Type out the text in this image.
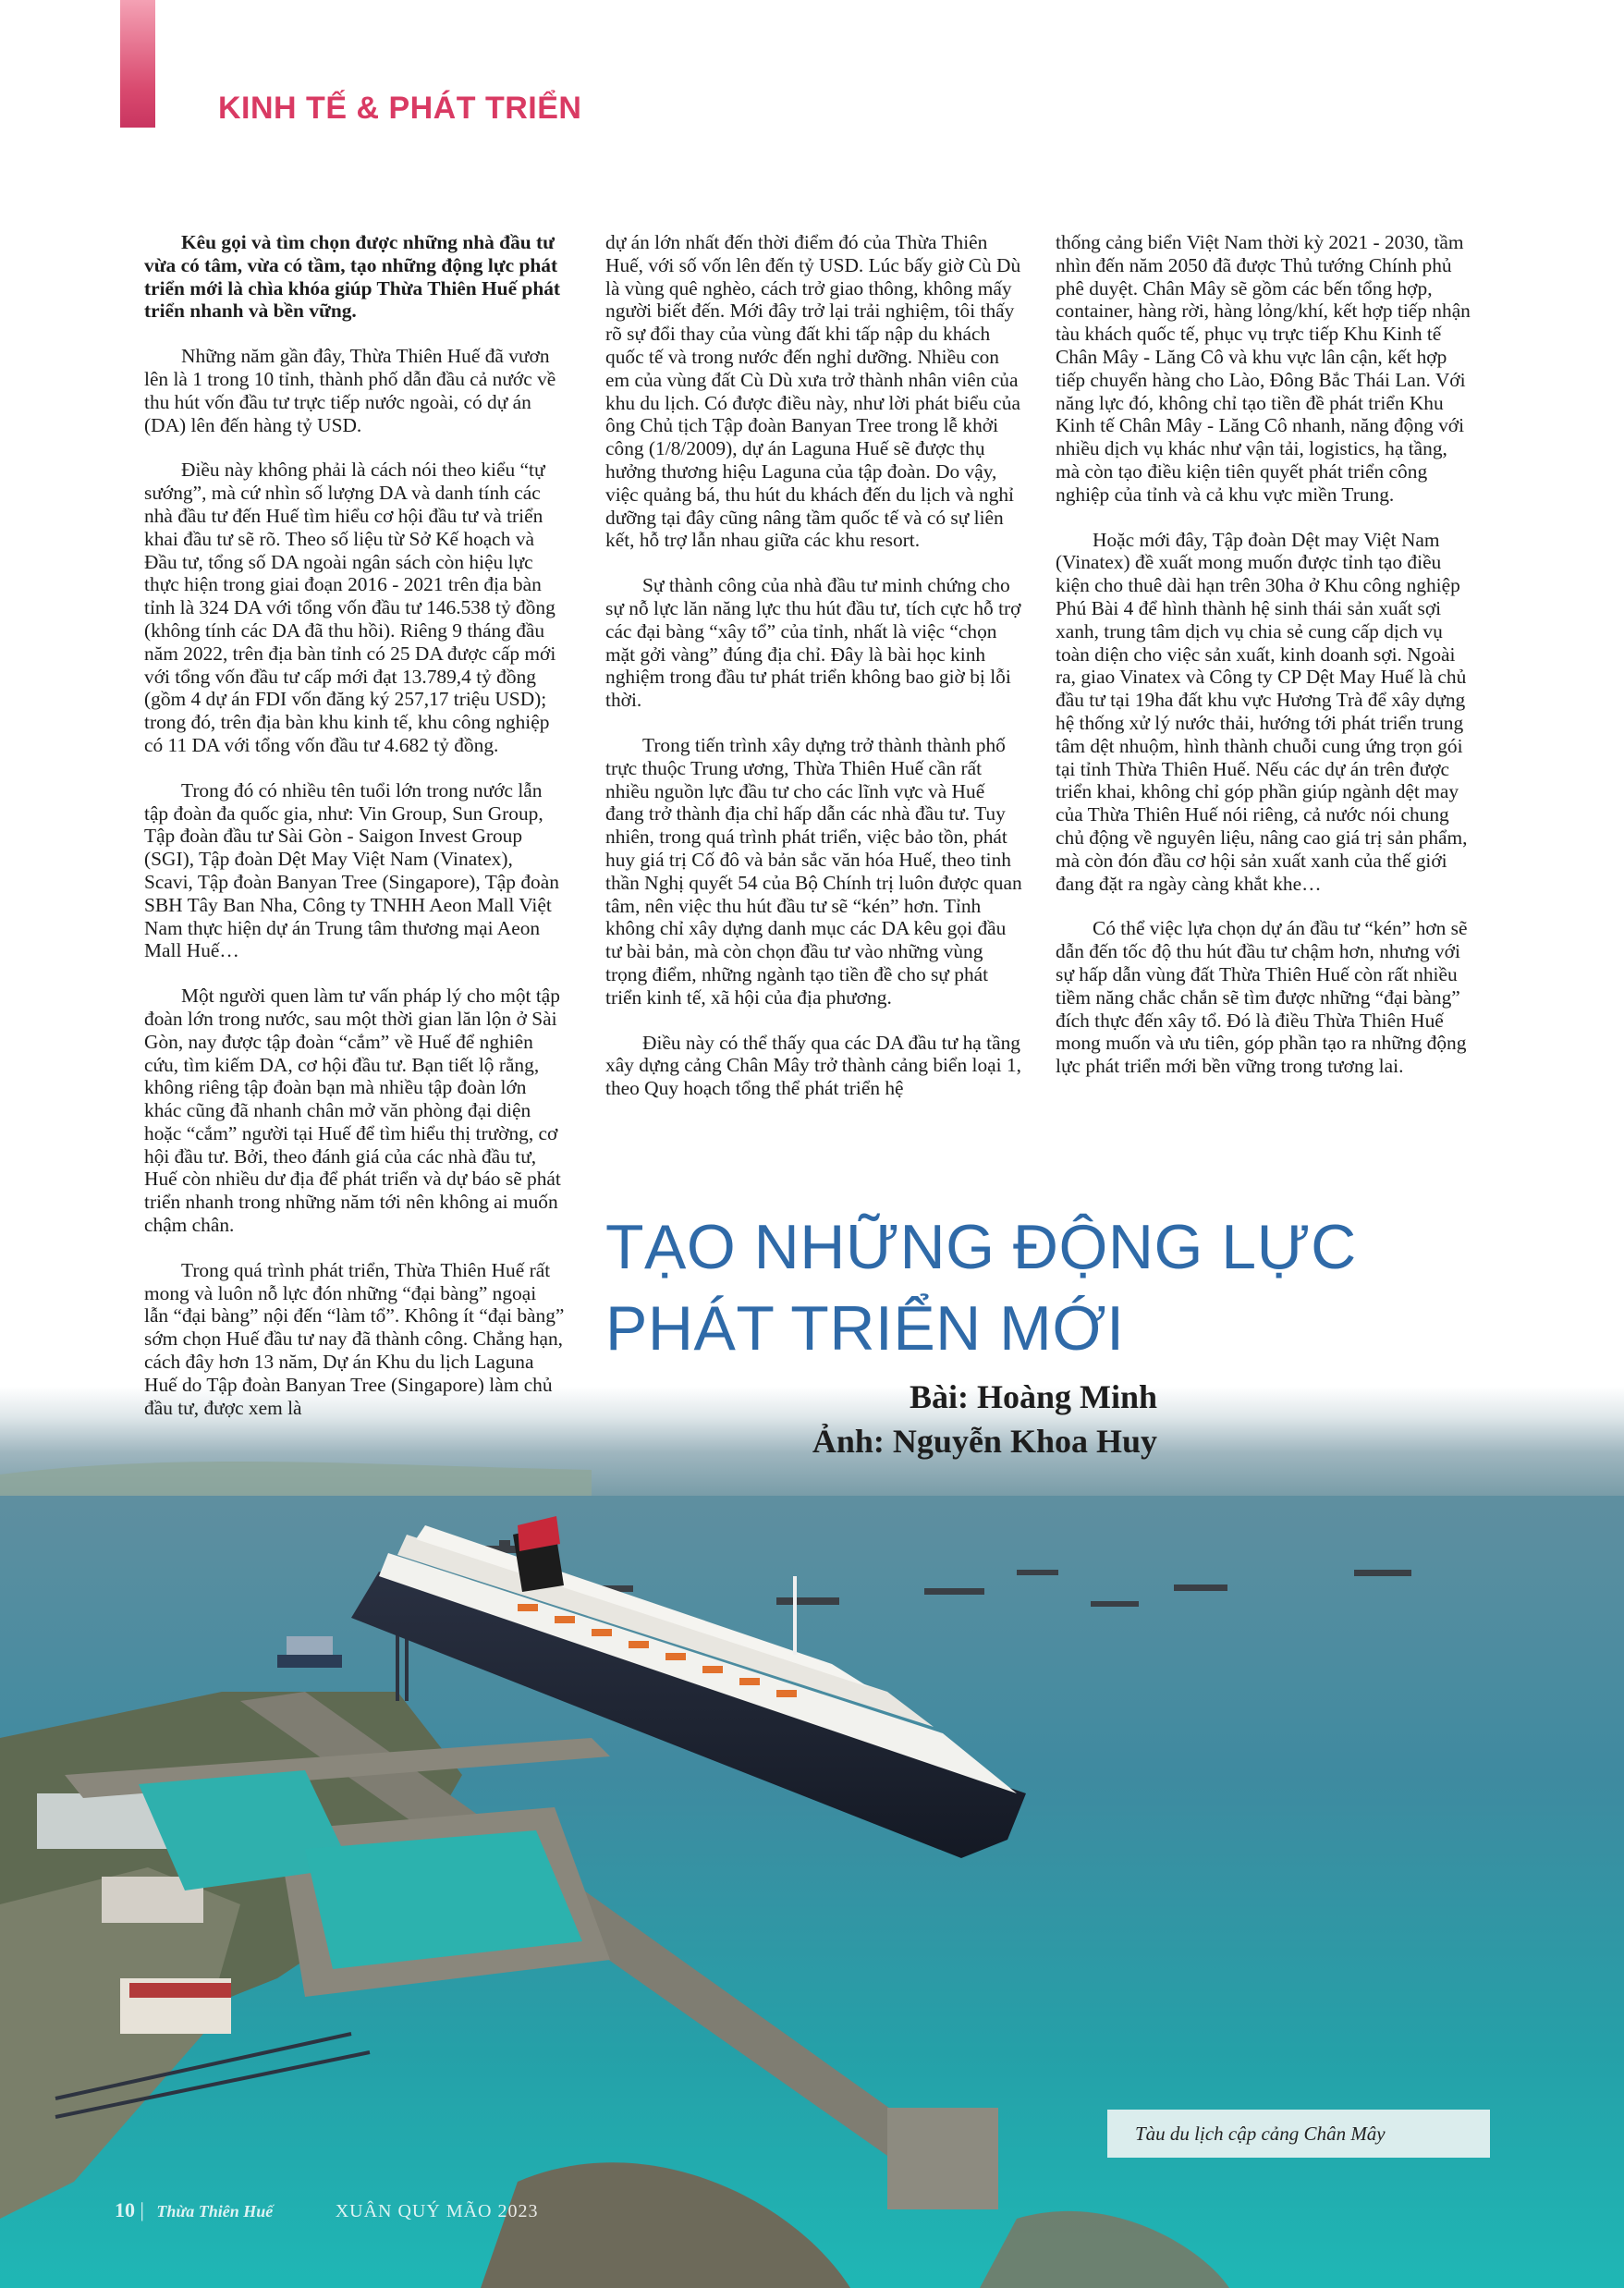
KINH TẾ & PHÁT TRIỂN

Kêu gọi và tìm chọn được những nhà đầu tư vừa có tâm, vừa có tầm, tạo những động lực phát triển mới là chìa khóa giúp Thừa Thiên Huế phát triển nhanh và bền vững.

Những năm gần đây, Thừa Thiên Huế đã vươn lên là 1 trong 10 tỉnh, thành phố dẫn đầu cả nước về thu hút vốn đầu tư trực tiếp nước ngoài, có dự án (DA) lên đến hàng tỷ USD.

Điều này không phải là cách nói theo kiểu “tự sướng”, mà cứ nhìn số lượng DA và danh tính các nhà đầu tư đến Huế tìm hiểu cơ hội đầu tư và triển khai đầu tư sẽ rõ. Theo số liệu từ Sở Kế hoạch và Đầu tư, tổng số DA ngoài ngân sách còn hiệu lực thực hiện trong giai đoạn 2016 - 2021 trên địa bàn tỉnh là 324 DA với tổng vốn đầu tư 146.538 tỷ đồng (không tính các DA đã thu hồi). Riêng 9 tháng đầu năm 2022, trên địa bàn tỉnh có 25 DA được cấp mới với tổng vốn đầu tư cấp mới đạt 13.789,4 tỷ đồng (gồm 4 dự án FDI vốn đăng ký 257,17 triệu USD); trong đó, trên địa bàn khu kinh tế, khu công nghiệp có 11 DA với tổng vốn đầu tư 4.682 tỷ đồng.

Trong đó có nhiều tên tuổi lớn trong nước lẫn tập đoàn đa quốc gia, như: Vin Group, Sun Group, Tập đoàn đầu tư Sài Gòn - Saigon Invest Group (SGI), Tập đoàn Dệt May Việt Nam (Vinatex), Scavi, Tập đoàn Banyan Tree (Singapore), Tập đoàn SBH Tây Ban Nha, Công ty TNHH Aeon Mall Việt Nam thực hiện dự án Trung tâm thương mại Aeon Mall Huế…

Một người quen làm tư vấn pháp lý cho một tập đoàn lớn trong nước, sau một thời gian lăn lộn ở Sài Gòn, nay được tập đoàn “cắm” về Huế để nghiên cứu, tìm kiếm DA, cơ hội đầu tư. Bạn tiết lộ rằng, không riêng tập đoàn bạn mà nhiều tập đoàn lớn khác cũng đã nhanh chân mở văn phòng đại diện hoặc “cắm” người tại Huế để tìm hiểu thị trường, cơ hội đầu tư. Bởi, theo đánh giá của các nhà đầu tư, Huế còn nhiều dư địa để phát triển và dự báo sẽ phát triển nhanh trong những năm tới nên không ai muốn chậm chân.

Trong quá trình phát triển, Thừa Thiên Huế rất mong và luôn nỗ lực đón những “đại bàng” ngoại lẫn “đại bàng” nội đến “làm tổ”. Không ít “đại bàng” sớm chọn Huế đầu tư nay đã thành công. Chẳng hạn, cách đây hơn 13 năm, Dự án Khu du lịch Laguna Huế do Tập đoàn Banyan Tree (Singapore) làm chủ đầu tư, được xem là

dự án lớn nhất đến thời điểm đó của Thừa Thiên Huế, với số vốn lên đến tỷ USD. Lúc bấy giờ Cù Dù là vùng quê nghèo, cách trở giao thông, không mấy người biết đến. Mới đây trở lại trải nghiệm, tôi thấy rõ sự đổi thay của vùng đất khi tấp nập du khách quốc tế và trong nước đến nghỉ dưỡng. Nhiều con em của vùng đất Cù Dù xưa trở thành nhân viên của khu du lịch. Có được điều này, như lời phát biểu của ông Chủ tịch Tập đoàn Banyan Tree trong lễ khởi công (1/8/2009), dự án Laguna Huế sẽ được thụ hưởng thương hiệu Laguna của tập đoàn. Do vậy, việc quảng bá, thu hút du khách đến du lịch và nghỉ dưỡng tại đây cũng nâng tầm quốc tế và có sự liên kết, hỗ trợ lẫn nhau giữa các khu resort.

Sự thành công của nhà đầu tư minh chứng cho sự nỗ lực lăn năng lực thu hút đầu tư, tích cực hỗ trợ các đại bàng “xây tổ” của tỉnh, nhất là việc “chọn mặt gởi vàng” đúng địa chỉ. Đây là bài học kinh nghiệm trong đầu tư phát triển không bao giờ bị lỗi thời.

Trong tiến trình xây dựng trở thành thành phố trực thuộc Trung ương, Thừa Thiên Huế cần rất nhiều nguồn lực đầu tư cho các lĩnh vực và Huế đang trở thành địa chỉ hấp dẫn các nhà đầu tư. Tuy nhiên, trong quá trình phát triển, việc bảo tồn, phát huy giá trị Cố đô và bản sắc văn hóa Huế, theo tinh thần Nghị quyết 54 của Bộ Chính trị luôn được quan tâm, nên việc thu hút đầu tư sẽ “kén” hơn. Tỉnh không chỉ xây dựng danh mục các DA kêu gọi đầu tư bài bản, mà còn chọn đầu tư vào những vùng trọng điểm, những ngành tạo tiền đề cho sự phát triển kinh tế, xã hội của địa phương.

Điều này có thể thấy qua các DA đầu tư hạ tầng xây dựng cảng Chân Mây trở thành cảng biển loại 1, theo Quy hoạch tổng thể phát triển hệ

thống cảng biển Việt Nam thời kỳ 2021 - 2030, tầm nhìn đến năm 2050 đã được Thủ tướng Chính phủ phê duyệt. Chân Mây sẽ gồm các bến tổng hợp, container, hàng rời, hàng lỏng/khí, kết hợp tiếp nhận tàu khách quốc tế, phục vụ trực tiếp Khu Kinh tế Chân Mây - Lăng Cô và khu vực lân cận, kết hợp tiếp chuyển hàng cho Lào, Đông Bắc Thái Lan. Với năng lực đó, không chỉ tạo tiền đề phát triển Khu Kinh tế Chân Mây - Lăng Cô nhanh, năng động với nhiều dịch vụ khác như vận tải, logistics, hạ tầng, mà còn tạo điều kiện tiên quyết phát triển công nghiệp của tỉnh và cả khu vực miền Trung.

Hoặc mới đây, Tập đoàn Dệt may Việt Nam (Vinatex) đề xuất mong muốn được tỉnh tạo điều kiện cho thuê dài hạn trên 30ha ở Khu công nghiệp Phú Bài 4 để hình thành hệ sinh thái sản xuất sợi xanh, trung tâm dịch vụ chia sẻ cung cấp dịch vụ toàn diện cho việc sản xuất, kinh doanh sợi. Ngoài ra, giao Vinatex và Công ty CP Dệt May Huế là chủ đầu tư tại 19ha đất khu vực Hương Trà để xây dựng hệ thống xử lý nước thải, hướng tới phát triển trung tâm dệt nhuộm, hình thành chuỗi cung ứng trọn gói tại tỉnh Thừa Thiên Huế. Nếu các dự án trên được triển khai, không chỉ góp phần giúp ngành dệt may của Thừa Thiên Huế nói riêng, cả nước nói chung chủ động về nguyên liệu, nâng cao giá trị sản phẩm, mà còn đón đầu cơ hội sản xuất xanh của thế giới đang đặt ra ngày càng khắt khe…

Có thể việc lựa chọn dự án đầu tư “kén” hơn sẽ dẫn đến tốc độ thu hút đầu tư chậm hơn, nhưng với sự hấp dẫn vùng đất Thừa Thiên Huế còn rất nhiều tiềm năng chắc chắn sẽ tìm được những “đại bàng” đích thực đến xây tổ. Đó là điều Thừa Thiên Huế mong muốn và ưu tiên, góp phần tạo ra những động lực phát triển mới bền vững trong tương lai.

TẠO NHỮNG ĐỘNG LỰC
PHÁT TRIỂN MỚI
Bài: Hoàng Minh
Ảnh: Nguyễn Khoa Huy
Tàu du lịch cập cảng Chân Mây
10 | Thừa Thiên Huế	XUÂN QUÝ MÃO 2023
